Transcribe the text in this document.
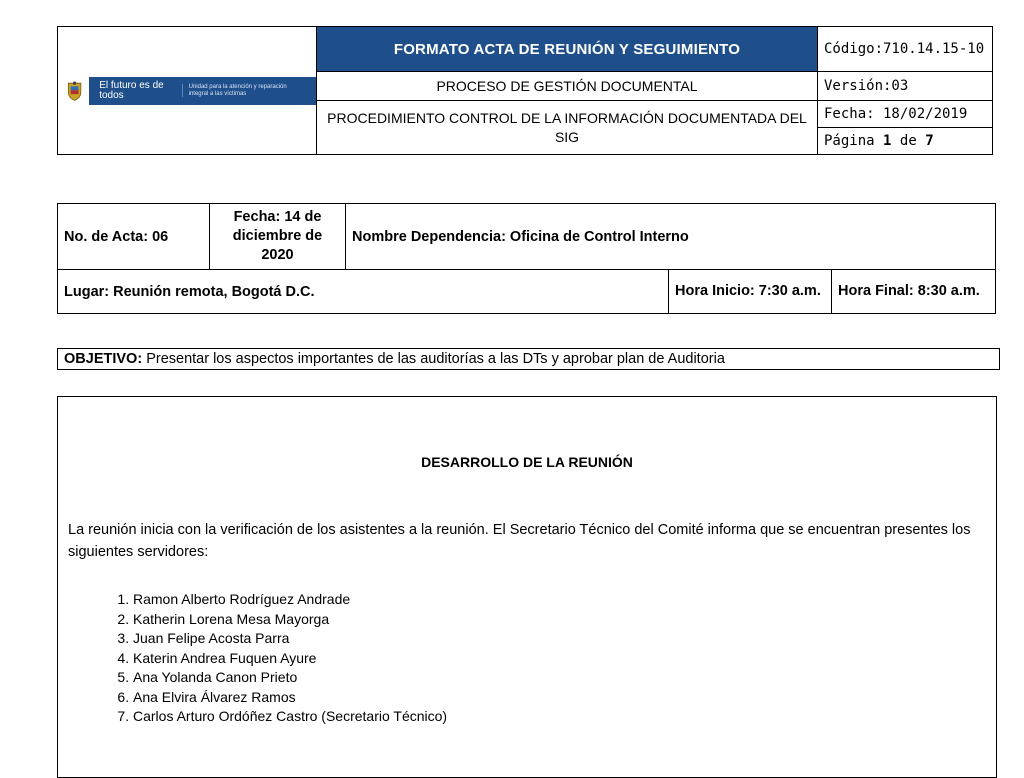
El futuro es de todos
Unidad para la atención y reparación integral a las víctimas	FORMATO ACTA DE REUNIÓN Y SEGUIMIENTO	Código:710.14.15-10
	PROCESO DE GESTIÓN DOCUMENTAL	Versión:03
	PROCEDIMIENTO CONTROL DE LA INFORMACIÓN DOCUMENTADA DEL SIG	Fecha: 18/02/2019
		Página 1 de 7
No. de Acta: 06	Fecha: 14 de diciembre de 2020	Nombre Dependencia: Oficina de Control Interno		
Lugar: Reunión remota, Bogotá D.C.			Hora Inicio: 7:30 a.m.	Hora Final: 8:30 a.m.
OBJETIVO: Presentar los aspectos importantes de las auditorías a las DTs y aprobar plan de Auditoria
DESARROLLO DE LA REUNIÓN

La reunión inicia con la verificación de los asistentes a la reunión. El Secretario Técnico del Comité informa que se encuentran presentes los siguientes servidores:

1. Ramon Alberto Rodríguez Andrade
2. Katherin Lorena Mesa Mayorga
3. Juan Felipe Acosta Parra
4. Katerin Andrea Fuquen Ayure
5. Ana Yolanda Canon Prieto
6. Ana Elvira Álvarez Ramos
7. Carlos Arturo Ordóñez Castro (Secretario Técnico)
